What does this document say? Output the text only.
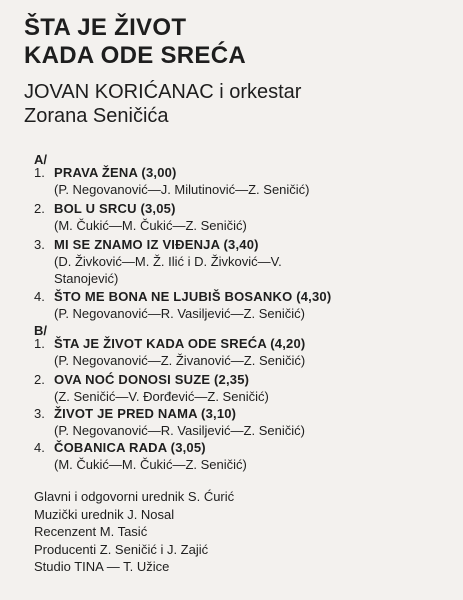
ŠTA JE ŽIVOT
KADA ODE SREĆA
JOVAN KORIĆANAC i orkestar
Zorana Seničića
A/
1. PRAVA ŽENA (3,00)
(P. Negovanović—J. Milutinović—Z. Seničić)
2. BOL U SRCU (3,05)
(M. Čukić—M. Čukić—Z. Seničić)
3. MI SE ZNAMO IZ VIĐENJA (3,40)
(D. Živković—M. Ž. Ilić i D. Živković—V.
Stanojević)
4. ŠTO ME BONA NE LJUBIŠ BOSANKO (4,30)
(P. Negovanović—R. Vasiljević—Z. Seničić)
B/
1. ŠTA JE ŽIVOT KADA ODE SREĆA (4,20)
(P. Negovanović—Z. Živanović—Z. Seničić)
2. OVA NOĆ DONOSI SUZE (2,35)
(Z. Seničić—V. Đorđević—Z. Seničić)
3. ŽIVOT JE PRED NAMA (3,10)
(P. Negovanović—R. Vasiljević—Z. Seničić)
4. ČOBANICA RADA (3,05)
(M. Čukić—M. Čukić—Z. Seničić)
Glavni i odgovorni urednik S. Ćurić
Muzički urednik J. Nosal
Recenzent M. Tasić
Producenti Z. Seničić i J. Zajić
Studio TINA — T. Užice
